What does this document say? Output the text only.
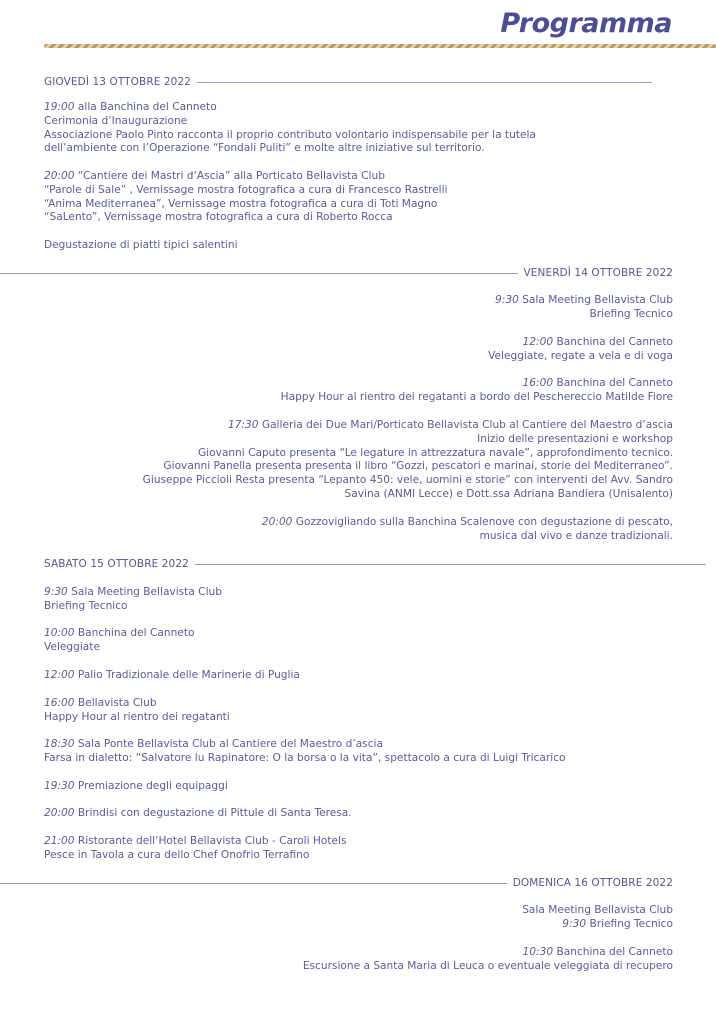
Programma
GIOVEDÌ 13 OTTOBRE 2022
19:00 alla Banchina del Canneto
Cerimonia d’Inaugurazione
Associazione Paolo Pinto racconta il proprio contributo volontario indispensabile per la tutela
dell’ambiente con l’Operazione “Fondali Puliti” e molte altre iniziative sul territorio.
20:00 “Cantiere dei Mastri d’Ascia” alla Porticato Bellavista Club
“Parole di Sale” , Vernissage mostra fotografica a cura di Francesco Rastrelli
“Anima Mediterranea”, Vernissage mostra fotografica a cura di Toti Magno
“SaLento”, Vernissage mostra fotografica a cura di Roberto Rocca
Degustazione di piatti tipici salentini
VENERDÌ 14 OTTOBRE 2022
9:30 Sala Meeting Bellavista Club
Briefing Tecnico
12:00 Banchina del Canneto
Veleggiate, regate a vela e di voga
16:00 Banchina del Canneto
Happy Hour al rientro dei regatanti a bordo del Peschereccio Matilde Fiore
17:30 Galleria dei Due Mari/Porticato Bellavista Club al Cantiere del Maestro d’ascia
Inizio delle presentazioni e workshop
Giovanni Caputo presenta “Le legature in attrezzatura navale”, approfondimento tecnico.
Giovanni Panella presenta presenta il libro “Gozzi, pescatori e marinai, storie del Mediterraneo”.
Giuseppe Piccioli Resta presenta “Lepanto 450: vele, uomini e storie” con interventi del Avv. Sandro
Savina (ANMI Lecce) e Dott.ssa Adriana Bandiera (Unisalento)
20:00 Gozzovigliando sulla Banchina Scalenove con degustazione di pescato,
musica dal vivo e danze tradizionali.
SABATO 15 OTTOBRE 2022
9:30 Sala Meeting Bellavista Club
Briefing Tecnico
10:00 Banchina del Canneto
Veleggiate
12:00 Palio Tradizionale delle Marinerie di Puglia
16:00 Bellavista Club
Happy Hour al rientro dei regatanti
18:30 Sala Ponte Bellavista Club al Cantiere del Maestro d’ascia
Farsa in dialetto: “Salvatore lu Rapinatore: O la borsa o la vita”, spettacolo a cura di Luigi Tricarico
19:30 Premiazione degli equipaggi
20:00 Brindisi con degustazione di Pittule di Santa Teresa.
21:00 Ristorante dell’Hotel Bellavista Club - Caroli Hotels
Pesce in Tavola a cura dello Chef Onofrio Terrafino
DOMENICA 16 OTTOBRE 2022
Sala Meeting Bellavista Club
9:30 Briefing Tecnico
10:30 Banchina del Canneto
Escursione a Santa Maria di Leuca o eventuale veleggiata di recupero
